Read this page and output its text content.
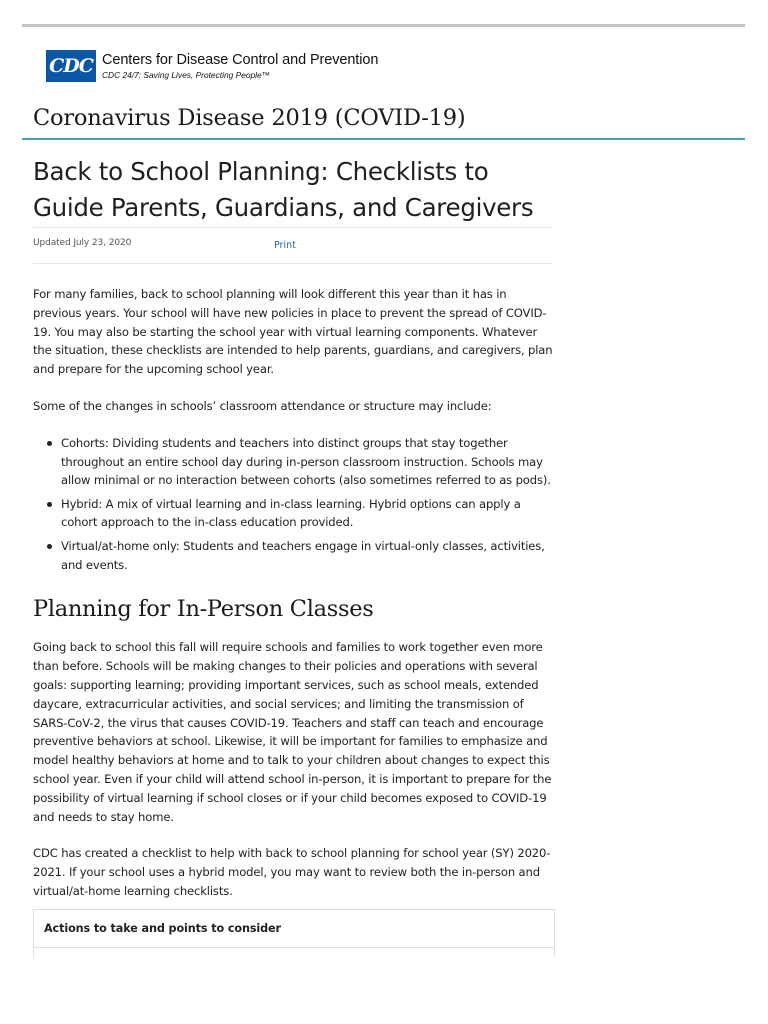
CDC Centers for Disease Control and Prevention
CDC 24/7: Saving Lives, Protecting People™
Coronavirus Disease 2019 (COVID-19)
Back to School Planning: Checklists to Guide Parents, Guardians, and Caregivers
Updated July 23, 2020	Print

For many families, back to school planning will look different this year than it has in previous years. Your school will have new policies in place to prevent the spread of COVID-19. You may also be starting the school year with virtual learning components. Whatever the situation, these checklists are intended to help parents, guardians, and caregivers, plan and prepare for the upcoming school year.

Some of the changes in schools’ classroom attendance or structure may include:

Cohorts: Dividing students and teachers into distinct groups that stay together throughout an entire school day during in-person classroom instruction. Schools may allow minimal or no interaction between cohorts (also sometimes referred to as pods).
Hybrid: A mix of virtual learning and in-class learning. Hybrid options can apply a cohort approach to the in-class education provided.
Virtual/at-home only: Students and teachers engage in virtual-only classes, activities, and events.
Planning for In-Person Classes

Going back to school this fall will require schools and families to work together even more than before. Schools will be making changes to their policies and operations with several goals: supporting learning; providing important services, such as school meals, extended daycare, extracurricular activities, and social services; and limiting the transmission of SARS-CoV-2, the virus that causes COVID-19. Teachers and staff can teach and encourage preventive behaviors at school. Likewise, it will be important for families to emphasize and model healthy behaviors at home and to talk to your children about changes to expect this school year. Even if your child will attend school in-person, it is important to prepare for the possibility of virtual learning if school closes or if your child becomes exposed to COVID-19 and needs to stay home.

CDC has created a checklist to help with back to school planning for school year (SY) 2020-2021. If your school uses a hybrid model, you may want to review both the in-person and virtual/at-home learning checklists.

Actions to take and points to consider
